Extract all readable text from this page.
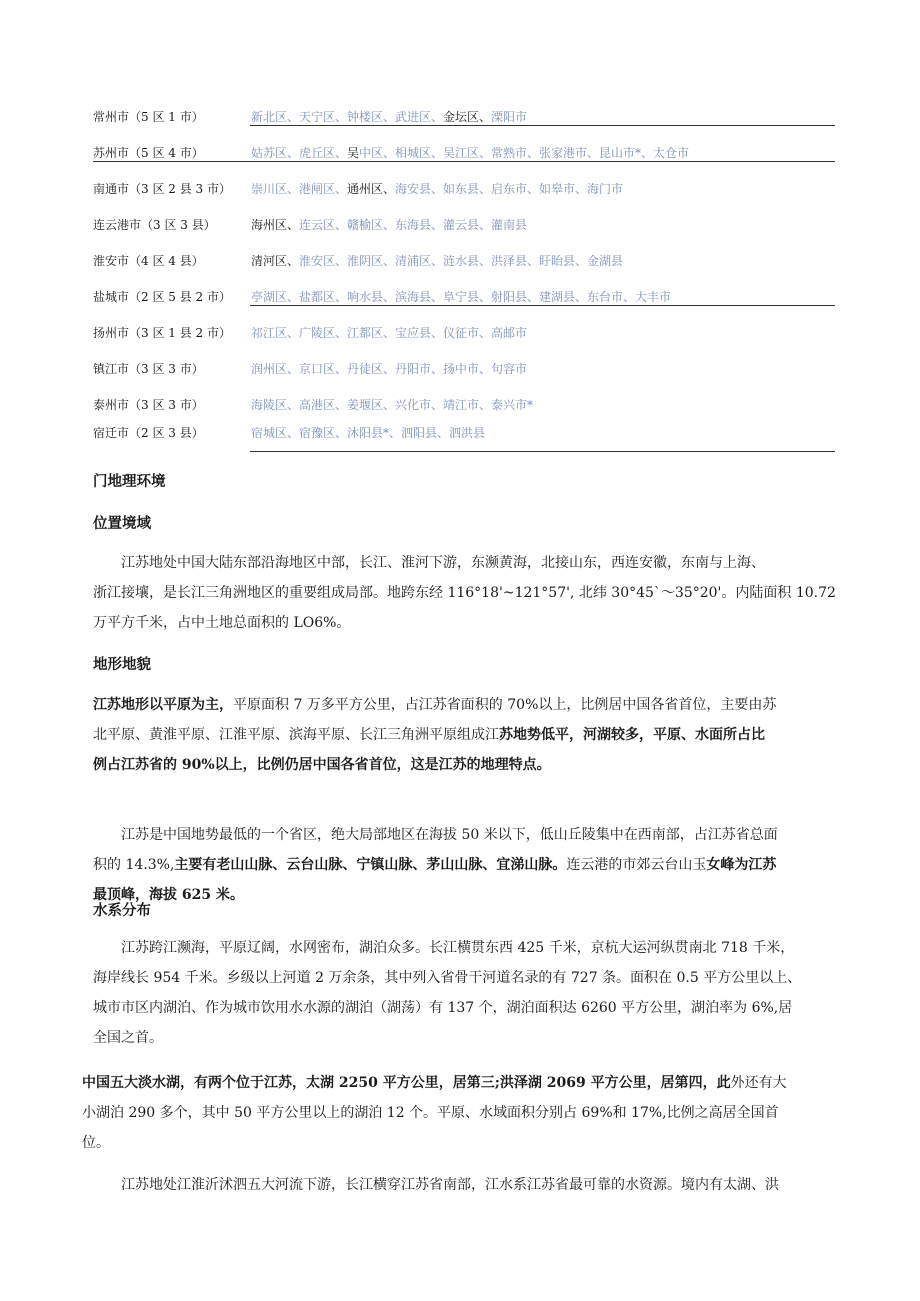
常州市（5 区 1 市）	新北区、天宁区、钟楼区、武进区、金坛区、溧阳市
苏州市（5 区 4 市）	姑苏区、虎丘区、吴中区、相城区、吴江区、常熟市、张家港市、昆山市*、太仓市
南通市（3 区 2 县 3 市） 崇川区、港闸区、通州区、海安县、如东县、启东市、如皋市、海门市
连云港市（3 区 3 县）	海州区、连云区、赣榆区、东海县、灌云县、灌南县
淮安市（4 区 4 县）	清河区、淮安区、淮阴区、清浦区、涟水县、洪泽县、盱眙县、金湖县
盐城市（2 区 5 县 2 市） 亭湖区、盐都区、响水县、滨海县、阜宁县、射阳县、建湖县、东台市、大丰市
扬州市（3 区 1 县 2 市） 祁江区、广陵区、江都区、宝应县、仪征市、高邮市
镇江市（3 区 3 市）	润州区、京口区、丹徒区、丹阳市、扬中市、句容市
泰州市（3 区 3 市）	海陵区、高港区、姜堰区、兴化市、靖江市、泰兴市*
宿迁市（2 区 3 县）	宿城区、宿豫区、沐阳县*、泗阳县、泗洪县
门地理环境
位置境域
江苏地处中国大陆东部沿海地区中部，长江、淮河下游，东濒黄海，北接山东，西连安徽，东南与上海、
浙江接壤，是长江三角洲地区的重要组成局部。地跨东经 116°18'~121°57', 北纬 30°45`～35°20'。内陆面积 10.72
万平方千米，占中土地总面积的 LO6%。
地形地貌
江苏地形以平原为主，平原面积 7 万多平方公里，占江苏省面积的 70%以上，比例居中国各省首位，主要由苏
北平原、黄淮平原、江淮平原、滨海平原、长江三角洲平原组成江苏地势低平，河湖较多，平原、水面所占比
例占江苏省的 90%以上，比例仍居中国各省首位，这是江苏的地理特点。
江苏是中国地势最低的一个省区，绝大局部地区在海拔 50 米以下，低山丘陵集中在西南部，占江苏省总面
积的 14.3%,主要有老山山脉、云台山脉、宁镇山脉、茅山山脉、宜涕山脉。连云港的市郊云台山玉女峰为江苏
最顶峰，海拔 625 米。
水系分布
江苏跨江濒海，平原辽阔，水网密布，湖泊众多。长江横贯东西 425 千米，京杭大运河纵贯南北 718 千米，
海岸线长 954 千米。乡级以上河道 2 万余条，其中列入省骨干河道名录的有 727 条。面积在 0.5 平方公里以上、
城市市区内湖泊、作为城市饮用水水源的湖泊（湖荡）有 137 个，湖泊面积达 6260 平方公里，湖泊率为 6%,居
全国之首。
中国五大淡水湖，有两个位于江苏，太湖 2250 平方公里，居第三;洪泽湖 2069 平方公里，居第四，此外还有大
小湖泊 290 多个，其中 50 平方公里以上的湖泊 12 个。平原、水域面积分别占 69%和 17%,比例之高居全国首
位。
江苏地处江淮沂沭泗五大河流下游，长江横穿江苏省南部，江水系江苏省最可靠的水资源。境内有太湖、洪
